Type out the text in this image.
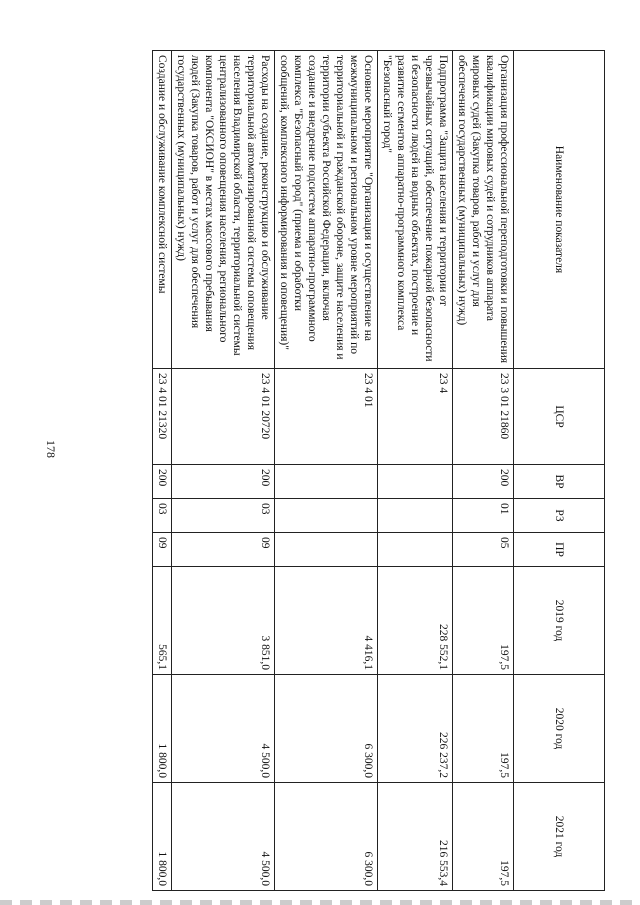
178
Наименование показателя	ЦСР	ВР	РЗ	ПР	2019 год	2020 год	2021 год
Организация профессиональной переподготовки и повышения квалификации мировых судей и сотрудников аппарата мировых судей (Закупка товаров, работ и услуг для обеспечения государственных (муниципальных) нужд)	23 3 01 21860	200	01	05	197,5	197,5	197,5
Подпрограмма "Защита населения и территории от чрезвычайных ситуаций, обеспечение пожарной безопасности и безопасности людей на водных объектах, построение и развитие сегментов аппаратно-программного комплекса "Безопасный город"	23 4				228 552,1	226 237,2	216 553,4
Основное мероприятие "Организация и осуществление на межмуниципальном и региональном уровне мероприятий по территориальной и гражданской обороне, защите населения и территории субъекта Российской Федерации, включая создание и внедрение подсистем аппаратно-программного комплекса "Безопасный город" (приема и обработки сообщений, комплексного информирования и оповещения)"	23 4 01				4 416,1	6 300,0	6 300,0
Расходы на создание, реконструкцию и обслуживание территориальной автоматизированной системы оповещения населения Владимирской области, территориальной системы централизованного оповещения населения, регионального компонента "ОКСИОН" в местах массового пребывания людей (Закупка товаров, работ и услуг для обеспечения государственных (муниципальных) нужд)	23 4 01 20720	200	03	09	3 851,0	4 500,0	4 500,0
Создание и обслуживание комплексной системы	23 4 01 21320	200	03	09	565,1	1 800,0	1 800,0
